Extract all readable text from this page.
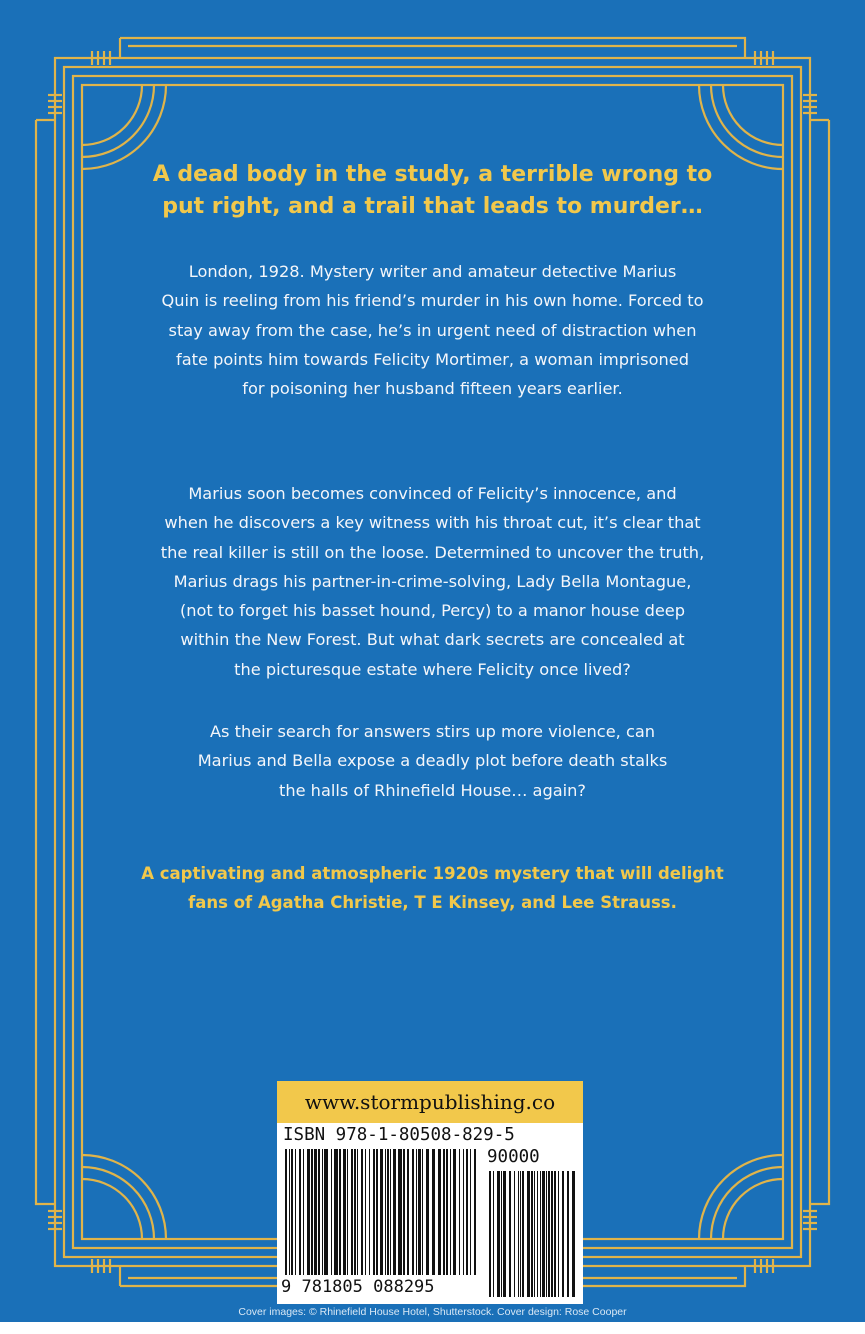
A dead body in the study, a terrible wrong to
put right, and a trail that leads to murder…
London, 1928. Mystery writer and amateur detective Marius
Quin is reeling from his friend’s murder in his own home. Forced to
stay away from the case, he’s in urgent need of distraction when
fate points him towards Felicity Mortimer, a woman imprisoned
for poisoning her husband fifteen years earlier.
Marius soon becomes convinced of Felicity’s innocence, and
when he discovers a key witness with his throat cut, it’s clear that
the real killer is still on the loose. Determined to uncover the truth,
Marius drags his partner-in-crime-solving, Lady Bella Montague,
(not to forget his basset hound, Percy) to a manor house deep
within the New Forest. But what dark secrets are concealed at
the picturesque estate where Felicity once lived?
As their search for answers stirs up more violence, can
Marius and Bella expose a deadly plot before death stalks
the halls of Rhinefield House… again?
A captivating and atmospheric 1920s mystery that will delight
fans of Agatha Christie, T E Kinsey, and Lee Strauss.
www.stormpublishing.co
ISBN 978-1-80508-829-5
90000
9 781805 088295
Cover images: © Rhinefield House Hotel, Shutterstock. Cover design: Rose Cooper
